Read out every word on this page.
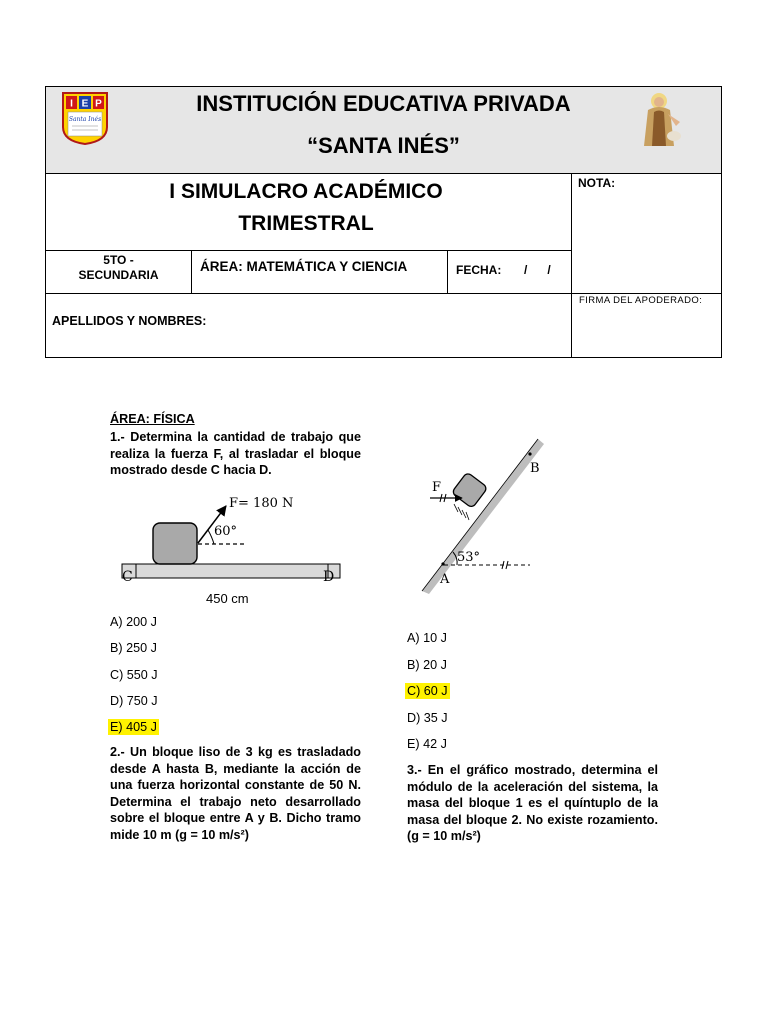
I E P
Santa Inés
INSTITUCIÓN EDUCATIVA PRIVADA
“SANTA INÉS”
I SIMULACRO ACADÉMICO
TRIMESTRAL
NOTA:
5TO -
SECUNDARIA
ÁREA: MATEMÁTICA Y CIENCIA	FECHA: /      /
APELLIDOS Y NOMBRES:
FIRMA DEL APODERADO:
ÁREA: FÍSICA
1.- Determina la cantidad de trabajo que realiza la fuerza F, al trasladar el bloque mostrado desde C hacia D.
F= 180 N
60°
C	D
450 cm
A) 200 J
B) 250 J
C) 550 J
D) 750 J
E) 405 J
2.- Un bloque liso de 3 kg es trasladado desde A hasta B, mediante la acción de una fuerza horizontal constante de 50 N. Determina el trabajo neto desarrollado sobre el bloque entre A y B. Dicho tramo mide 10 m (g = 10 m/s²)
B
A
53°
F
A) 10 J
B) 20 J
C) 60 J
D) 35 J
E) 42 J
3.- En el gráfico mostrado, determina el módulo de la aceleración del sistema, la masa del bloque 1 es el quíntuplo de la masa del bloque 2. No existe rozamiento. (g = 10 m/s²)
